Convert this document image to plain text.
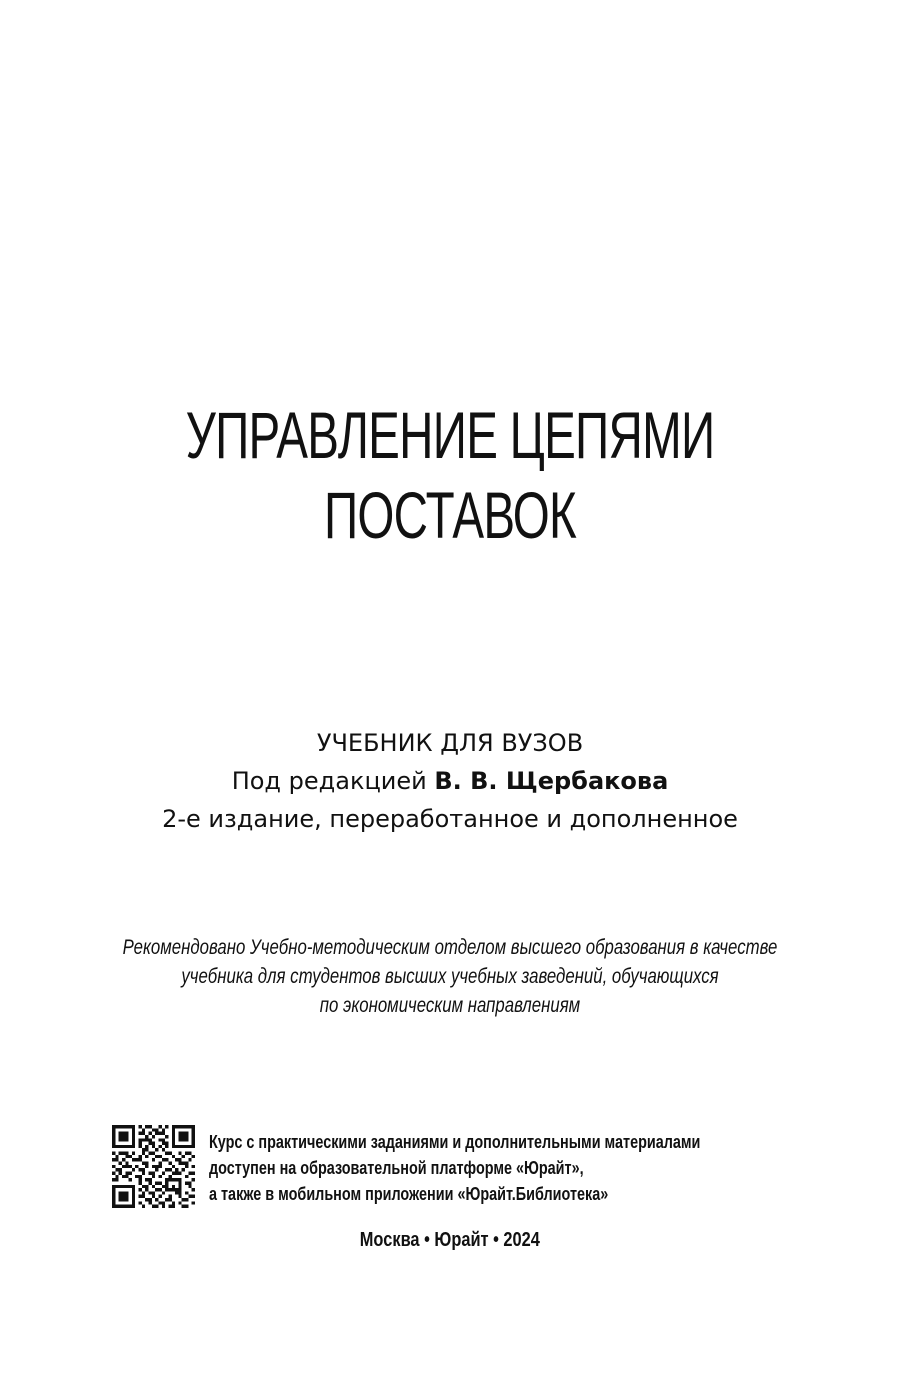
УПРАВЛЕНИЕ ЦЕПЯМИ
ПОСТАВОК
УЧЕБНИК ДЛЯ ВУЗОВ
Под редакцией В. В. Щербакова
2-е издание, переработанное и дополненное
Рекомендовано Учебно-методическим отделом высшего образования в качестве
учебника для студентов высших учебных заведений, обучающихся
по экономическим направлениям
Курс с практическими заданиями и дополнительными материалами
доступен на образовательной платформе «Юрайт»,
а также в мобильном приложении «Юрайт.Библиотека»
Москва • Юрайт • 2024
